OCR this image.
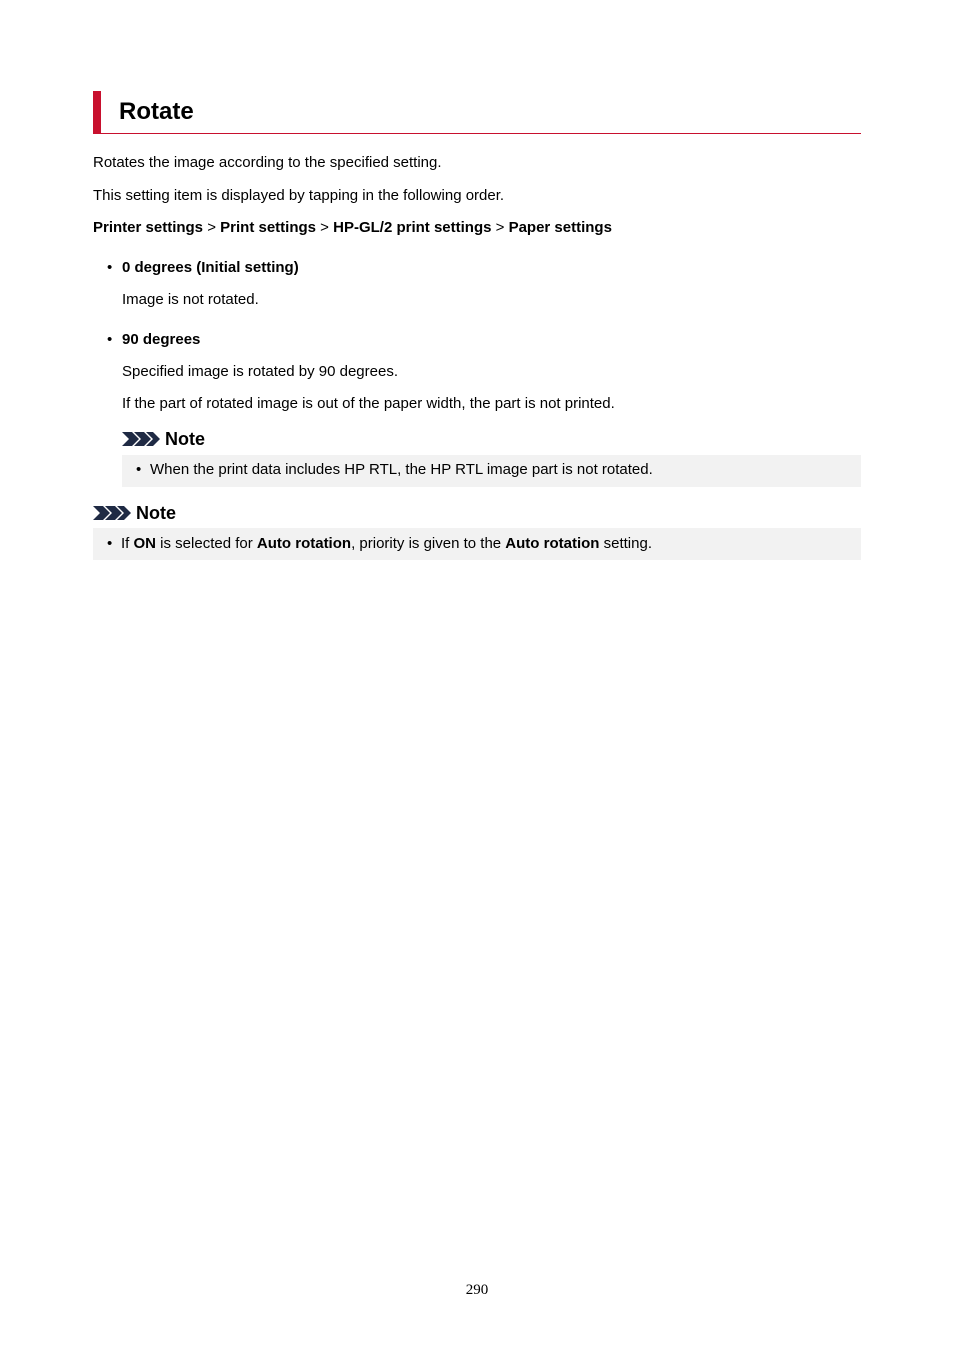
Rotate
Rotates the image according to the specified setting.
This setting item is displayed by tapping in the following order.
Printer settings > Print settings > HP-GL/2 print settings > Paper settings
• 0 degrees (Initial setting)
Image is not rotated.
• 90 degrees
Specified image is rotated by 90 degrees.
If the part of rotated image is out of the paper width, the part is not printed.
Note
• When the print data includes HP RTL, the HP RTL image part is not rotated.
Note
• If ON is selected for Auto rotation, priority is given to the Auto rotation setting.
290
